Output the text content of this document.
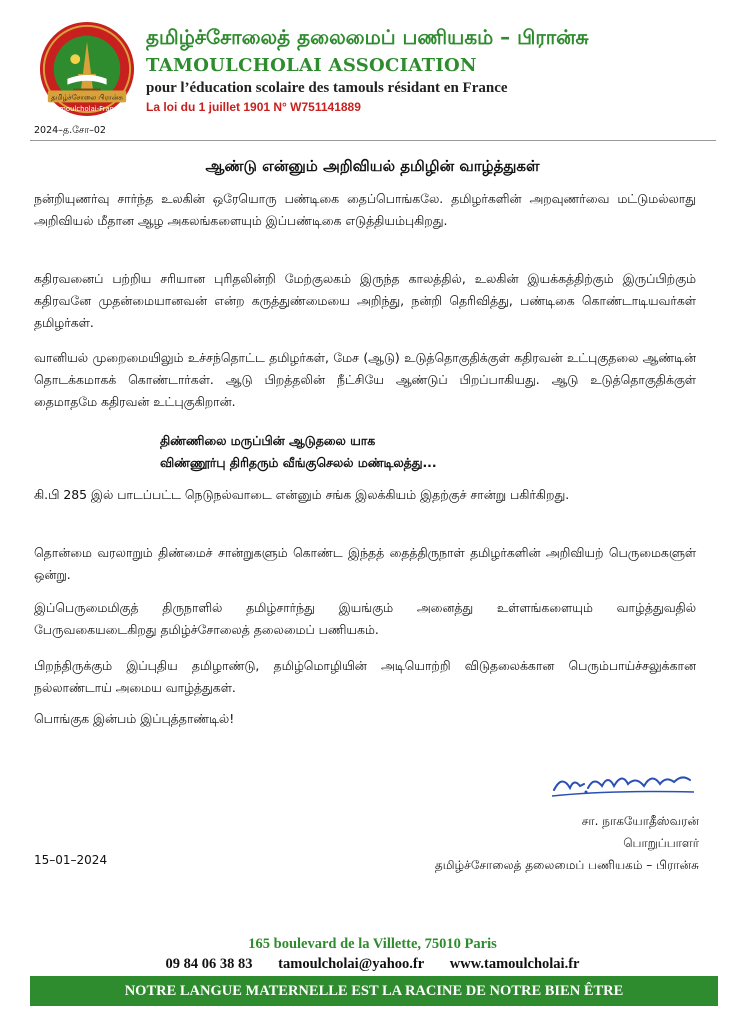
தமிழ்ச்சோலை பிரான்சு
Tamoulcholai-France
தமிழ்ச்சோலைத் தலைமைப் பணியகம் – பிரான்சு
TAMOULCHOLAI ASSOCIATION
pour l’éducation scolaire des tamouls résidant en France
La loi du 1 juillet 1901 N° W751141889
2024–த.சோ–02
ஆண்டு என்னும் அறிவியல் தமிழின் வாழ்த்துகள்
நன்றியுணர்வு சார்ந்த உலகின் ஒரேயொரு பண்டிகை தைப்பொங்கலே. தமிழர்களின் அறவுணர்வை மட்டுமல்லாது அறிவியல் மீதான ஆழ அகலங்களையும் இப்பண்டிகை எடுத்தியம்புகிறது.
கதிரவனைப் பற்றிய சரியான புரிதலின்றி மேற்குலகம் இருந்த காலத்தில், உலகின் இயக்கத்திற்கும் இருப்பிற்கும் கதிரவனே முதன்மையானவன் என்ற கருத்துண்மையை அறிந்து, நன்றி தெரிவித்து, பண்டிகை கொண்டாடியவர்கள் தமிழர்கள்.
வானியல் முறைமையிலும் உச்சந்தொட்ட தமிழர்கள், மேச (ஆடு) உடுத்தொகுதிக்குள் கதிரவன் உட்புகுதலை ஆண்டின் தொடக்கமாகக் கொண்டார்கள். ஆடு பிறத்தலின் நீட்சியே ஆண்டுப் பிறப்பாகியது. ஆடு உடுத்தொகுதிக்குள் தைமாதமே கதிரவன் உட்புகுகிறான்.
திண்ணிலை மருப்பின் ஆடுதலை யாக
விண்ணூர்பு திரிதரும் வீங்குசெலல் மண்டிலத்து...
கி.பி 285 இல் பாடப்பட்ட நெடுநல்வாடை என்னும் சங்க இலக்கியம் இதற்குச் சான்று பகிர்கிறது.
தொன்மை வரலாறும் திண்மைச் சான்றுகளும் கொண்ட இந்தத் தைத்திருநாள் தமிழர்களின் அறிவியற் பெருமைகளுள் ஒன்று.
இப்பெருமைமிகுத் திருநாளில் தமிழ்சார்ந்து இயங்கும் அனைத்து உள்ளங்களையும் வாழ்த்துவதில் பேருவகையடைகிறது தமிழ்ச்சோலைத் தலைமைப் பணியகம்.
பிறந்திருக்கும் இப்புதிய தமிழாண்டு, தமிழ்மொழியின் அடியொற்றி விடுதலைக்கான பெரும்பாய்ச்சலுக்கான நல்லாண்டாய் அமைய வாழ்த்துகள்.
பொங்குக இன்பம் இப்புத்தாண்டில்!
சா. நாகயோதீஸ்வரன்
பொறுப்பாளர்
தமிழ்ச்சோலைத் தலைமைப் பணியகம் – பிரான்சு
15–01–2024
165 boulevard de la Villette, 75010 Paris
09 84 06 38 83 tamoulcholai@yahoo.fr www.tamoulcholai.fr
NOTRE LANGUE MATERNELLE EST LA RACINE DE NOTRE BIEN ÊTRE
